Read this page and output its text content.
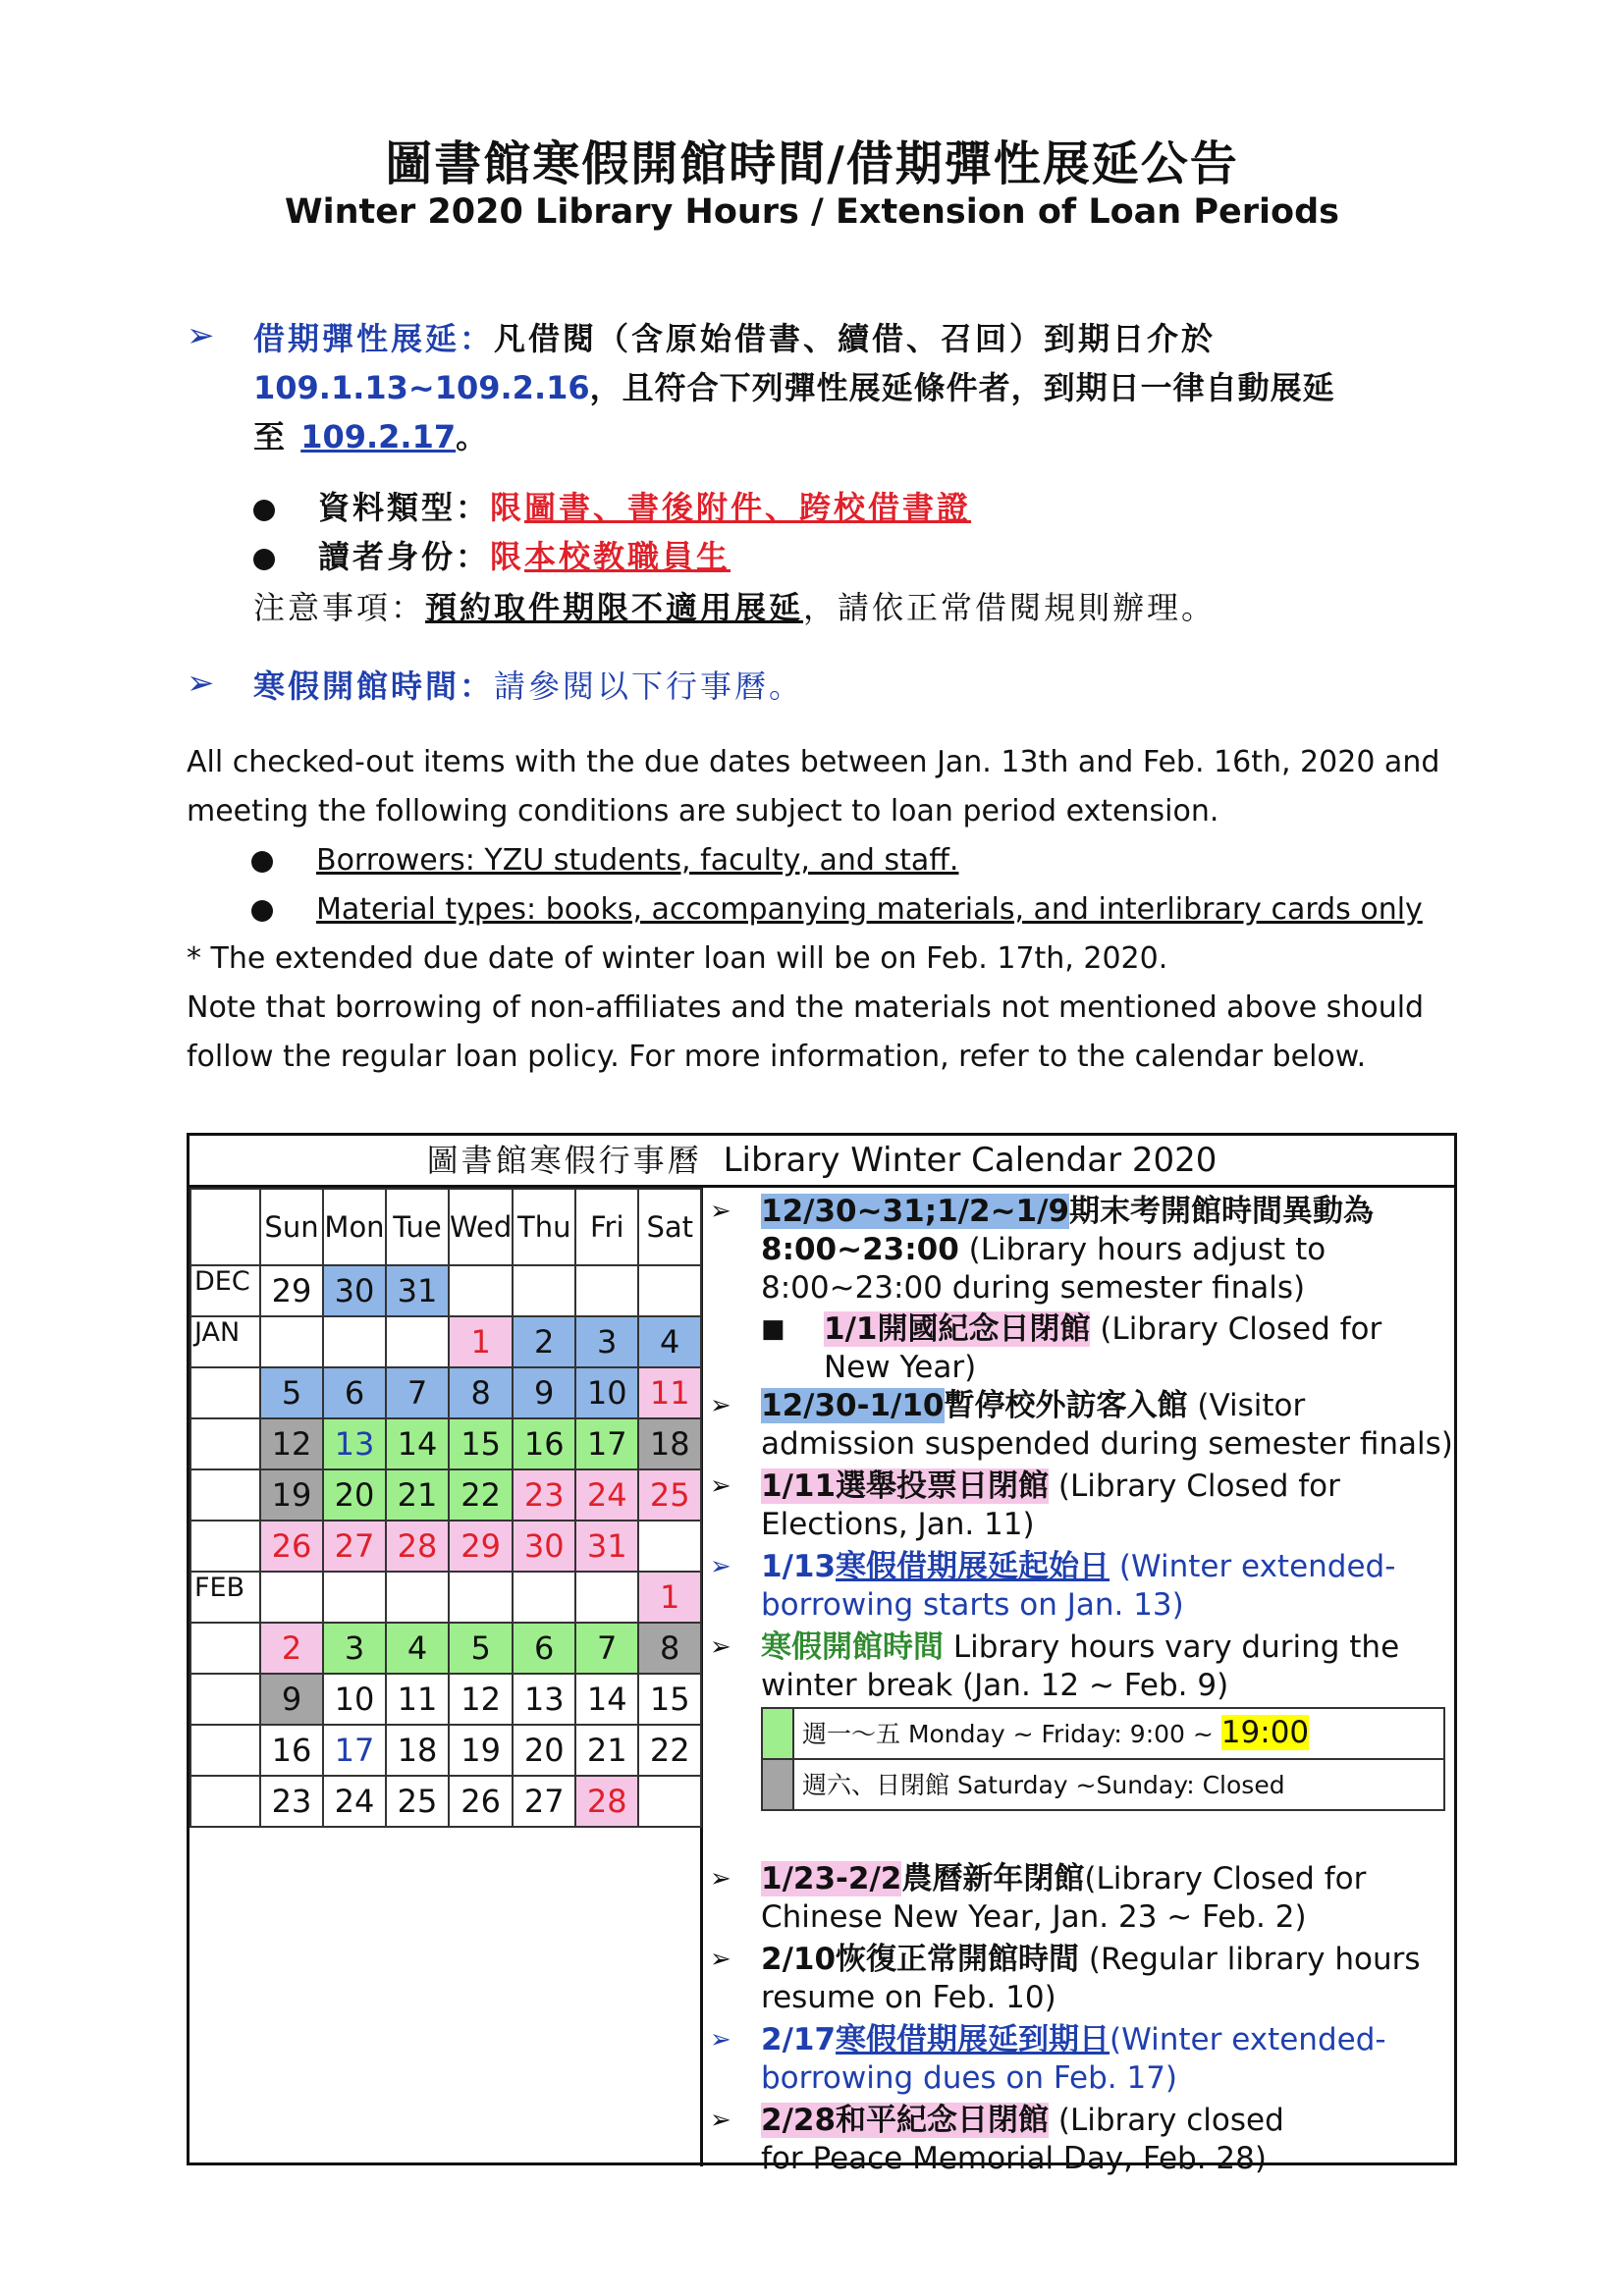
圖書館寒假開館時間/借期彈性展延公告
Winter 2020 Library Hours / Extension of Loan Periods
➢ 借期彈性展延：凡借閱（含原始借書、續借、召回）到期日介於
109.1.13~109.2.16，且符合下列彈性展延條件者，到期日一律自動展延
至 109.2.17。
資料類型：限圖書、書後附件、跨校借書證
讀者身份：限本校教職員生
注意事項：預約取件期限不適用展延，請依正常借閱規則辦理。
➢ 寒假開館時間：請參閱以下行事曆。
All checked-out items with the due dates between Jan. 13th and Feb. 16th, 2020 and
meeting the following conditions are subject to loan period extension.
Borrowers: YZU students, faculty, and staff.
Material types: books, accompanying materials, and interlibrary cards only
* The extended due date of winter loan will be on Feb. 17th, 2020.
Note that borrowing of non-affiliates and the materials not mentioned above should
follow the regular loan policy. For more information, refer to the calendar below.
圖書館寒假行事曆 Library Winter Calendar 2020
	Sun	Mon	Tue	Wed	Thu	Fri	Sat
DEC	29	30	31				
JAN				1	2	3	4
	5	6	7	8	9	10	11
	12	13	14	15	16	17	18
	19	20	21	22	23	24	25
	26	27	28	29	30	31	
FEB							1
	2	3	4	5	6	7	8
	9	10	11	12	13	14	15
	16	17	18	19	20	21	22
	23	24	25	26	27	28	
➢ 12/30~31;1/2~1/9期末考開館時間異動為
8:00~23:00 (Library hours adjust to
8:00~23:00 during semester finals)
■ 1/1開國紀念日閉館 (Library Closed for
New Year)
➢ 12/30-1/10暫停校外訪客入館 (Visitor
admission suspended during semester finals)
➢ 1/11選舉投票日閉館 (Library Closed for
Elections, Jan. 11)
➢ 1/13寒假借期展延起始日 (Winter extended-
borrowing starts on Jan. 13)
➢ 寒假開館時間 Library hours vary during the
winter break (Jan. 12 ~ Feb. 9)
	週一～五 Monday ~ Friday: 9:00 ~ 19:00
	週六、日閉館 Saturday ~Sunday: Closed
➢ 1/23-2/2農曆新年閉館(Library Closed for
Chinese New Year, Jan. 23 ~ Feb. 2)
➢ 2/10恢復正常開館時間 (Regular library hours
resume on Feb. 10)
➢ 2/17寒假借期展延到期日(Winter extended-
borrowing dues on Feb. 17)
➢ 2/28和平紀念日閉館 (Library closed
for Peace Memorial Day, Feb. 28)
